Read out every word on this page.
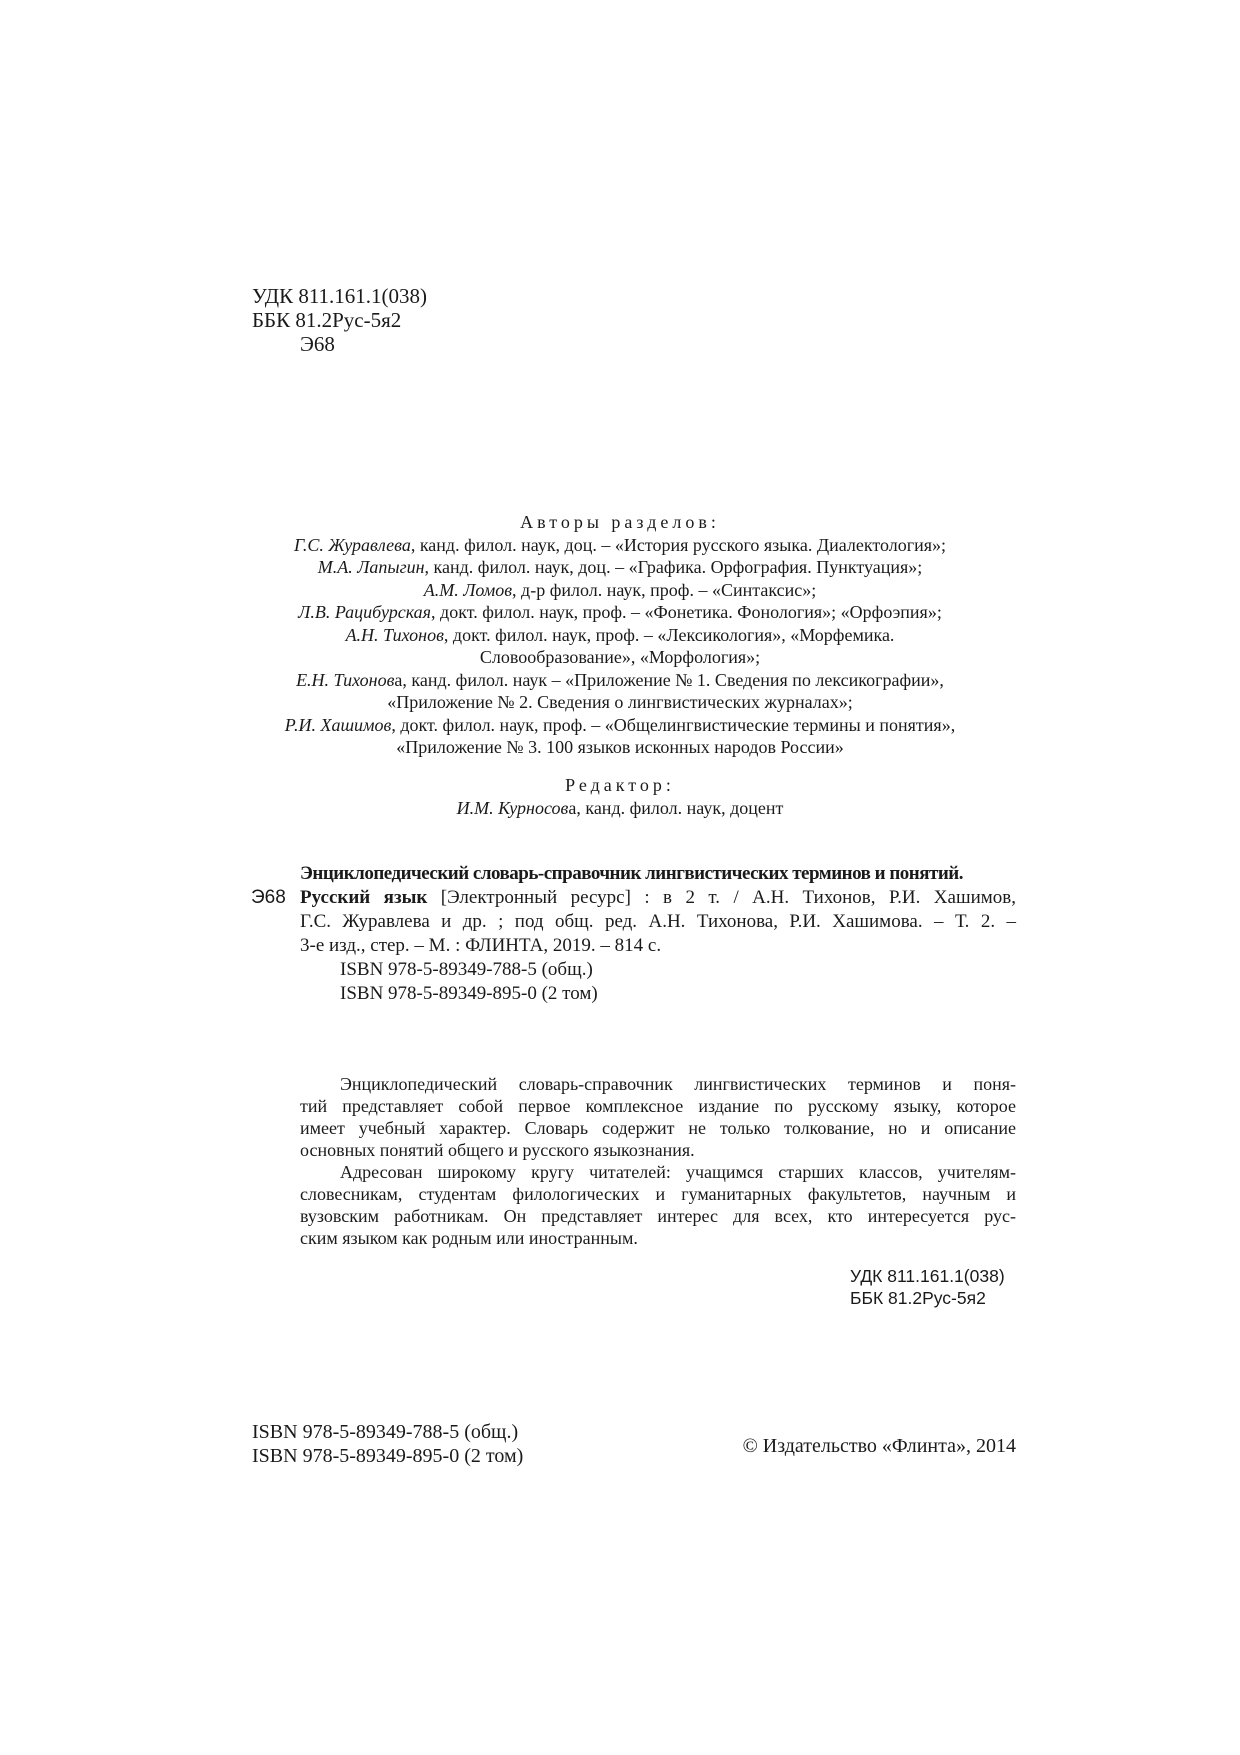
УДК 811.161.1(038)
ББК 81.2Рус-5я2
Э68
Авторы разделов:
Г.С. Журавлева, канд. филол. наук, доц. – «История русского языка. Диалектология»;
М.А. Лапыгин, канд. филол. наук, доц. – «Графика. Орфография. Пунктуация»;
А.М. Ломов, д-р филол. наук, проф. – «Синтаксис»;
Л.В. Рацибурская, докт. филол. наук, проф. – «Фонетика. Фонология»; «Орфоэпия»;
А.Н. Тихонов, докт. филол. наук, проф. – «Лексикология», «Морфемика.
Словообразование», «Морфология»;
Е.Н. Тихонова, канд. филол. наук – «Приложение № 1. Сведения по лексикографии»,
«Приложение № 2. Сведения о лингвистических журналах»;
Р.И. Хашимов, докт. филол. наук, проф. – «Общелингвистические термины и понятия»,
«Приложение № 3. 100 языков исконных народов России»
Редактор:
И.М. Курносова, канд. филол. наук, доцент
Э68
Энциклопедический словарь-справочник лингвистических терминов и понятий.
Русский язык [Электронный ресурс] : в 2 т. / А.Н. Тихонов, Р.И. Хашимов,
Г.С. Журавлева и др. ; под общ. ред. А.Н. Тихонова, Р.И. Хашимова. – Т. 2. –
3-е изд., стер. – М. : ФЛИНТА, 2019. – 814 с.
ISBN 978-5-89349-788-5 (общ.)
ISBN 978-5-89349-895-0 (2 том)
Энциклопедический словарь-справочник лингвистических терминов и поня-
тий представляет собой первое комплексное издание по русскому языку, которое
имеет учебный характер. Словарь содержит не только толкование, но и описание
основных понятий общего и русского языкознания.
Адресован широкому кругу читателей: учащимся старших классов, учителям-
словесникам, студентам филологических и гуманитарных факультетов, научным и
вузовским работникам. Он представляет интерес для всех, кто интересуется рус-
ским языком как родным или иностранным.
УДК 811.161.1(038)
ББК 81.2Рус-5я2
ISBN 978-5-89349-788-5 (общ.)
ISBN 978-5-89349-895-0 (2 том)	© Издательство «Флинта», 2014
